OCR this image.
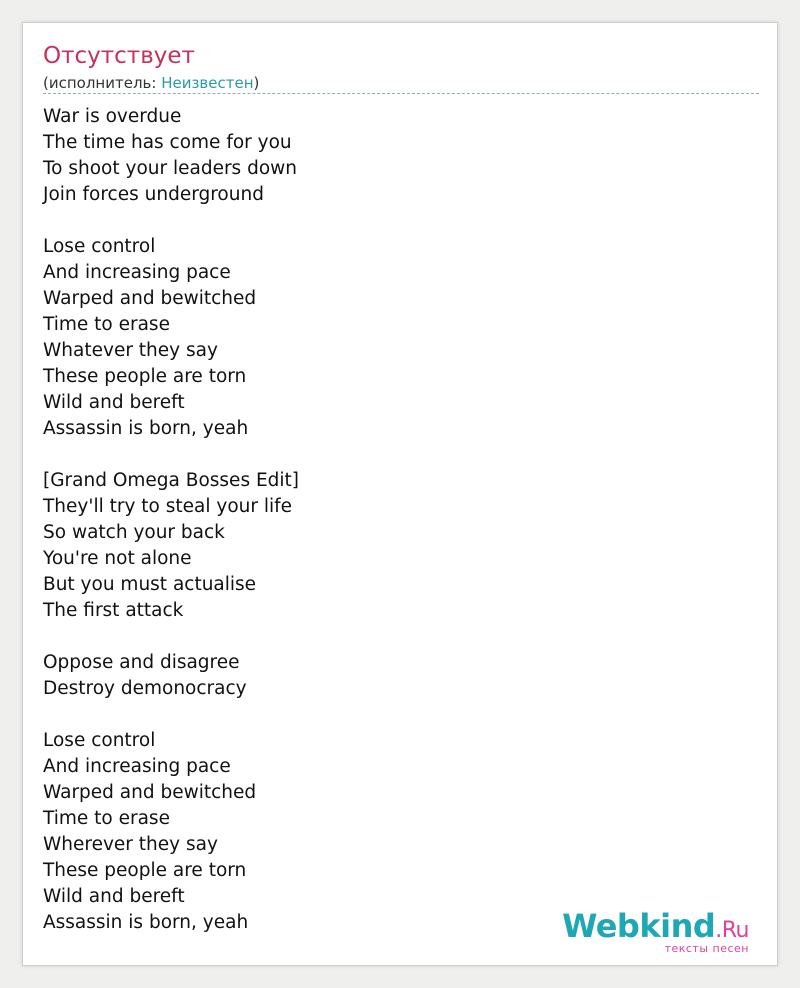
Отсутствует
(исполнитель: Неизвестен)
War is overdue
The time has come for you
To shoot your leaders down
Join forces underground
Lose control
And increasing pace
Warped and bewitched
Time to erase
Whatever they say
These people are torn
Wild and bereft
Assassin is born, yeah
[Grand Omega Bosses Edit]
They'll try to steal your life
So watch your back
You're not alone
But you must actualise
The first attack
Oppose and disagree
Destroy demonocracy
Lose control
And increasing pace
Warped and bewitched
Time to erase
Wherever they say
These people are torn
Wild and bereft
Assassin is born, yeah	Webkind.Ru
тексты песен
